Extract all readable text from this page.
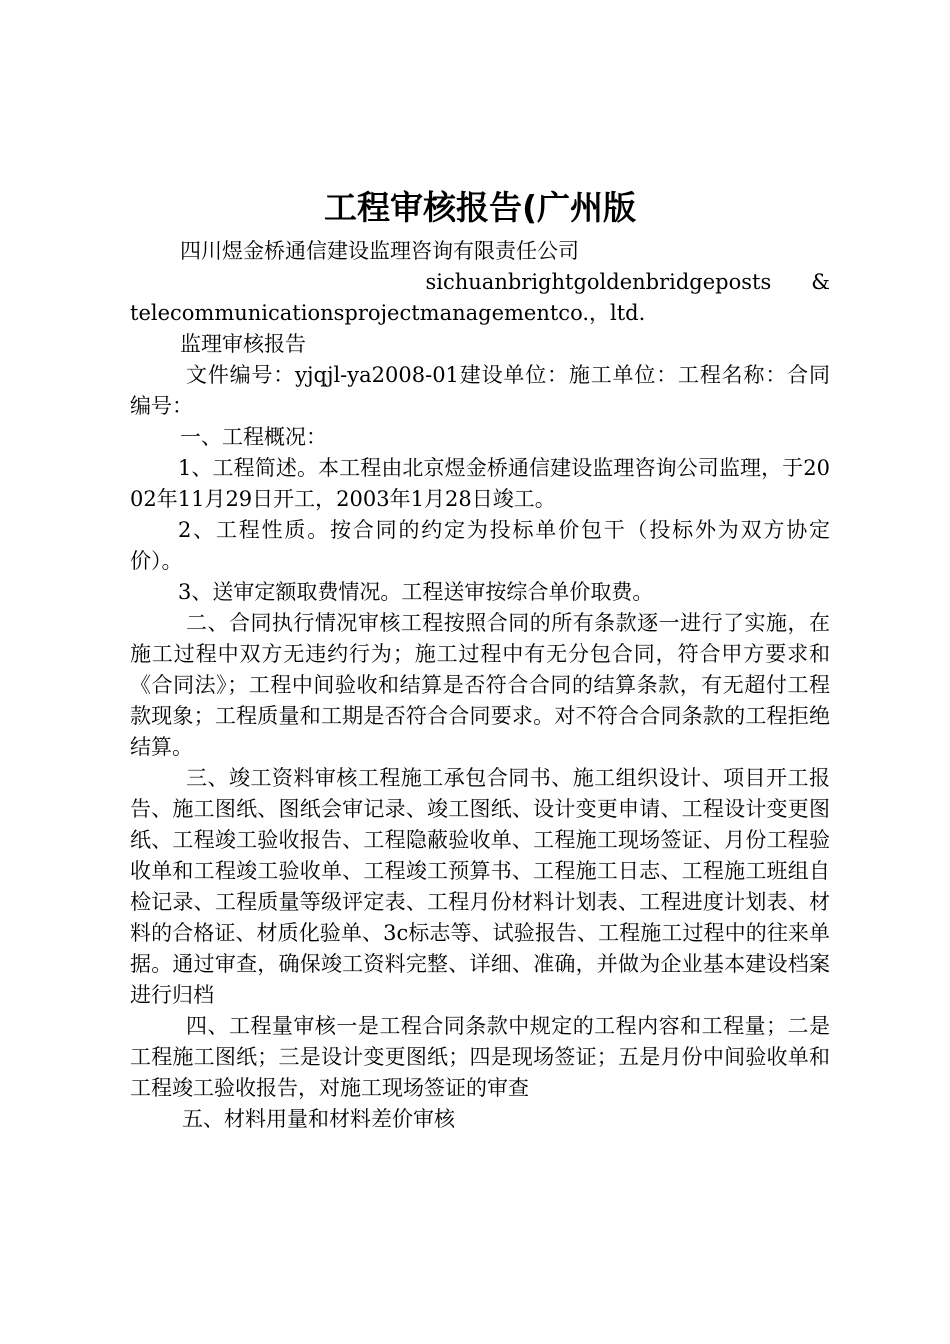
工程审核报告(广州版

四川煜金桥通信建设监理咨询有限责任公司

sichuanbrightgoldenbridgeposts      &

telecommunicationsprojectmanagementco.，ltd.

监理审核报告

文件编号：yjqjl-ya2008-01建设单位：施工单位：工程名称：合同编号：

一、工程概况：

1、工程简述。本工程由北京煜金桥通信建设监理咨询公司监理，于2002年11月29日开工，2003年1月28日竣工。

2、工程性质。按合同的约定为投标单价包干（投标外为双方协定价）。

3、送审定额取费情况。工程送审按综合单价取费。

二、合同执行情况审核工程按照合同的所有条款逐一进行了实施，在施工过程中双方无违约行为；施工过程中有无分包合同，符合甲方要求和《合同法》；工程中间验收和结算是否符合合同的结算条款，有无超付工程款现象；工程质量和工期是否符合合同要求。对不符合合同条款的工程拒绝结算。

三、竣工资料审核工程施工承包合同书、施工组织设计、项目开工报告、施工图纸、图纸会审记录、竣工图纸、设计变更申请、工程设计变更图纸、工程竣工验收报告、工程隐蔽验收单、工程施工现场签证、月份工程验收单和工程竣工验收单、工程竣工预算书、工程施工日志、工程施工班组自检记录、工程质量等级评定表、工程月份材料计划表、工程进度计划表、材料的合格证、材质化验单、3c标志等、试验报告、工程施工过程中的往来单据。通过审查，确保竣工资料完整、详细、准确，并做为企业基本建设档案进行归档

四、工程量审核一是工程合同条款中规定的工程内容和工程量；二是工程施工图纸；三是设计变更图纸；四是现场签证；五是月份中间验收单和工程竣工验收报告，对施工现场签证的审查

五、材料用量和材料差价审核
